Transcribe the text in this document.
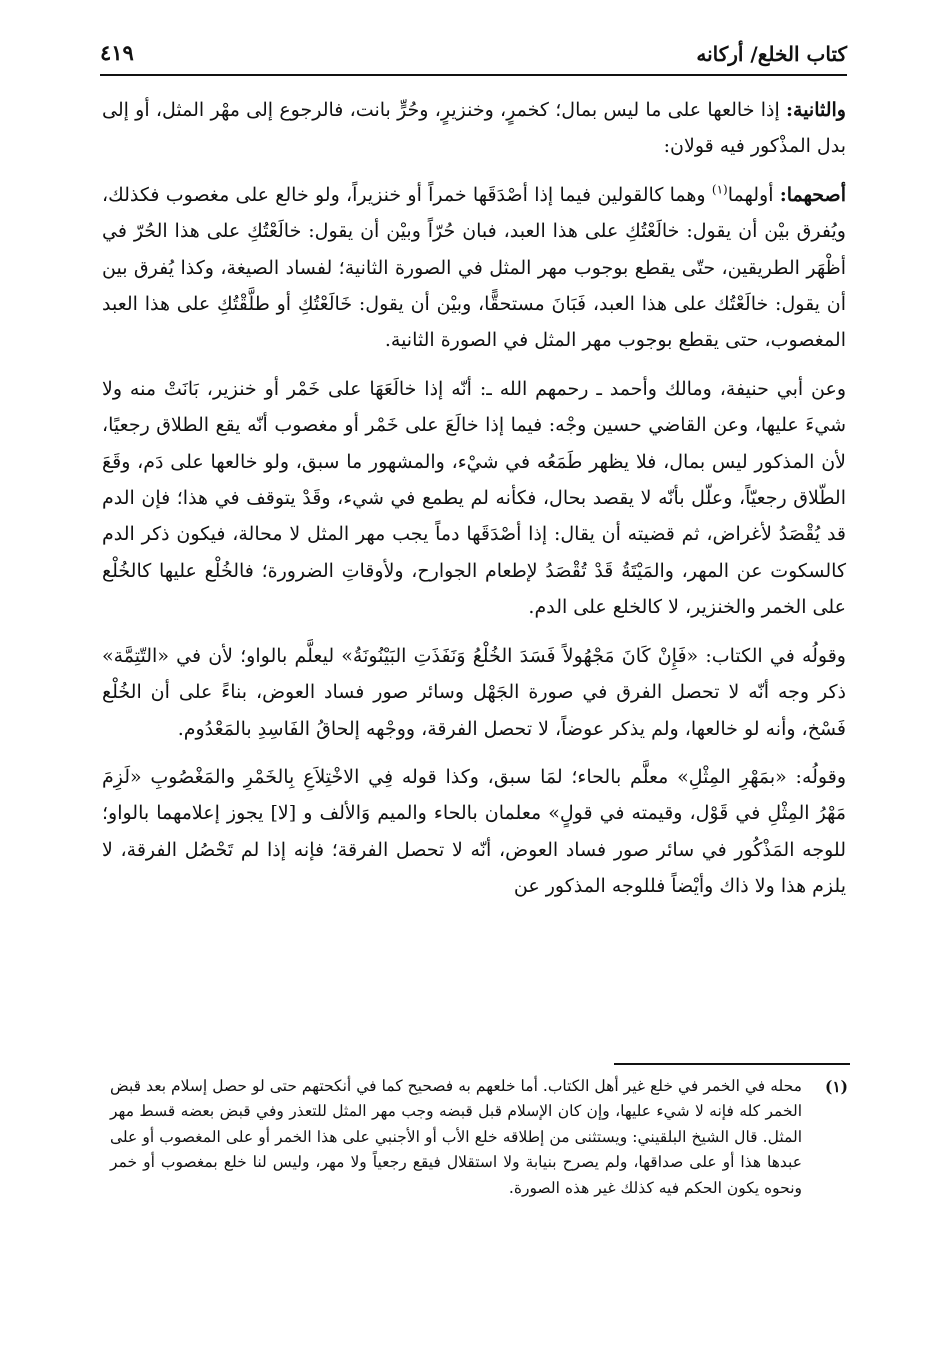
كتاب الخلع/ أركانه
٤١٩

والثانية: إذا خالعها على ما ليس بمال؛ كخمرٍ، وخنزيرٍ، وحُرٍّ بانت، فالرجوع إلى مهْر المثل، أو إلى بدل المذْكور فيه قولان:

أصحهما: أولهما$^{(١)}$ وهما كالقولين فيما إذا أصْدَقَها خمراً أو خنزيراً، ولو خالع على مغصوب فكذلك، ويُفرق بيْن أن يقول: خالَعْتُكِ على هذا العبد، فبان حُرّاً وبيْن أن يقول: خالَعْتُكِ على هذا الحُرّ في أظْهَر الطريقين، حتّى يقطع بوجوب مهر المثل في الصورة الثانية؛ لفساد الصيغة، وكذا يُفرق بين أن يقول: خالَعْتُك على هذا العبد، فَبَانَ مستحقًّا، وبيْن أن يقول: خَالَعْتُكِ أو طلَّقْتُكِ على هذا العبد المغصوب، حتى يقطع بوجوب مهر المثل في الصورة الثانية.

وعن أبي حنيفة، ومالك وأحمد ـ رحمهم الله ـ: أنّه إذا خالَعَهَا على خَمْر أو خنزير، بَانَتْ منه ولا شيءَ عليها، وعن القاضي حسين وجْه: فيما إذا خالَعَ على خَمْر أو مغصوب أنّه يقع الطلاق رجعيًا، لأن المذكور ليس بمال، فلا يظهر طَمَعُه في شيْء، والمشهور ما سبق، ولو خالعها على دَم، وقَعَ الطّلاق رجعيّاً، وعلّل بأنّه لا يقصد بحال، فكأنه لم يطمع في شيء، وقَدْ يتوقف في هذا؛ فإن الدم قد يُقْصَدُ لأغراض، ثم قضيته أن يقال: إذا أصْدَقَها دماً يجب مهر المثل لا محالة، فيكون ذكر الدم كالسكوت عن المهر، والمَيْتَةُ قَدْ تُقْصَدُ لإطعام الجوارح، ولأوقاتِ الضرورة؛ فالخُلْع عليها كالخُلْع على الخمر والخنزير، لا كالخلع على الدم.

وقولُه في الكتاب: «فَإِنْ كَانَ مَجْهُولاً فَسَدَ الخُلْعُ وَنَفَذَتِ البَيْنُونَةُ» ليعلَّم بالواو؛ لأن في «التّتِمَّة» ذكر وجه أنّه لا تحصل الفرق في صورة الجَهْل وسائر صور فساد العوض، بناءً على أن الخُلْع فَسْخ، وأنه لو خالعها، ولم يذكر عوضاً، لا تحصل الفرقة، ووجْهه إلحاقُ الفَاسِدِ بالمَعْدُوم.

وقولُه: «بمَهْرِ المِثْلِ» معلَّم بالحاء؛ لمَا سبق، وكذا قوله فِي الاخْتِلاَعِ بِالخَمْرِ والمَغْصُوبِ «لَزِمَ مَهْرُ المِثْلِ في قَوْل، وقيمته في قولٍ» معلمان بالحاء والميم وَالألف و [لا] يجوز إعلامهما بالواو؛ للوجه المَذْكُور في سائر صور فساد العوض، أنّه لا تحصل الفرقة؛ فإنه إذا لم تَحْصُل الفرقة، لا يلزم هذا ولا ذاك وأيْضاً فللوجه المذكور عن

(١)
محله في الخمر في خلع غير أهل الكتاب. أما خلعهم به فصحيح كما في أنكحتهم حتى لو حصل إسلام بعد قبض الخمر كله فإنه لا شيء عليها، وإن كان الإسلام قبل قبضه وجب مهر المثل للتعذر وفي قبض بعضه قسط مهر المثل. قال الشيخ البلقيني: ويستثنى من إطلاقه خلع الأب أو الأجنبي على هذا الخمر أو على المغصوب أو على عبدها هذا أو على صداقها، ولم يصرح بنيابة ولا استقلال فيقع رجعياً ولا مهر، وليس لنا خلع بمغصوب أو خمر ونحوه يكون الحكم فيه كذلك غير هذه الصورة.
